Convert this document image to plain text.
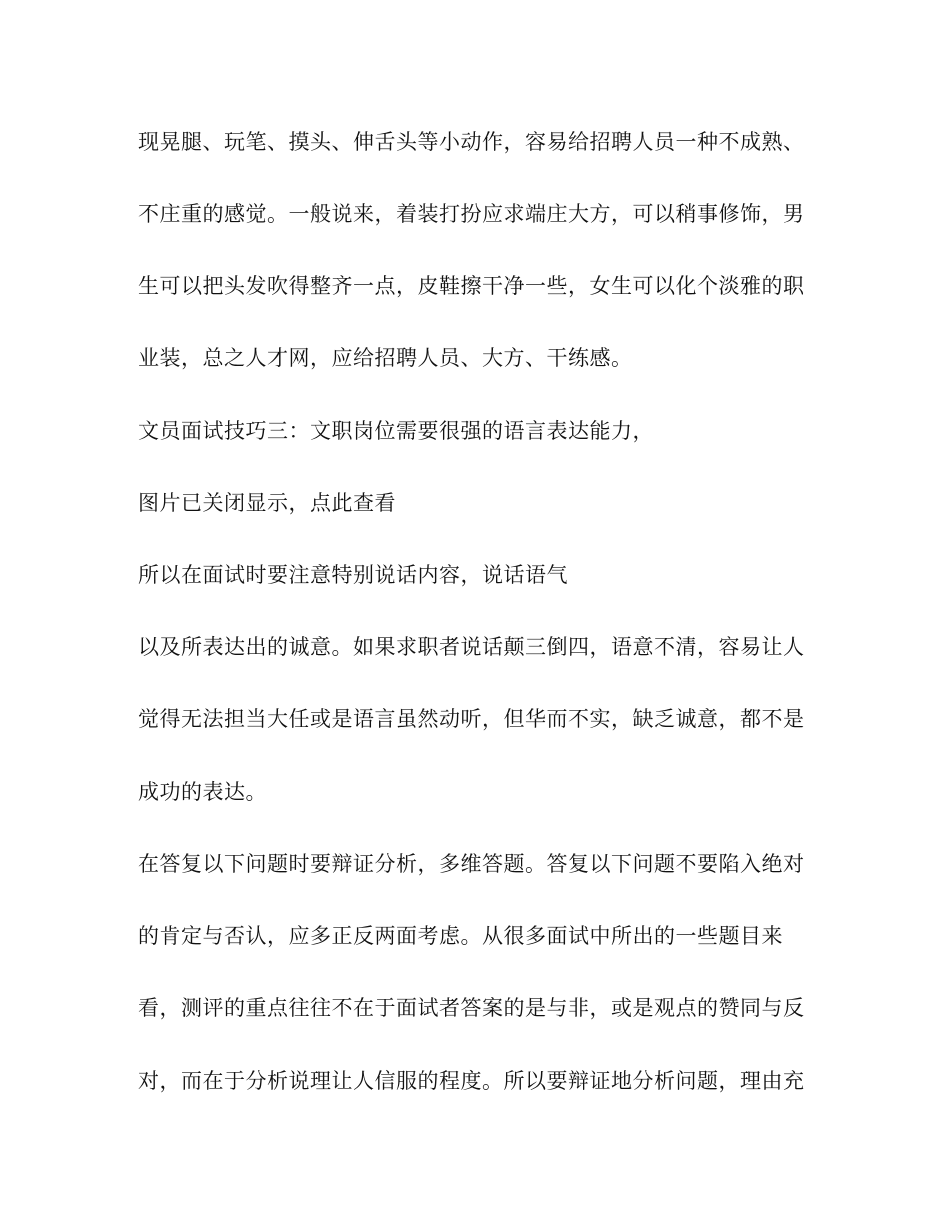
现晃腿、玩笔、摸头、伸舌头等小动作，容易给招聘人员一种不成熟、
不庄重的感觉。一般说来，着装打扮应求端庄大方，可以稍事修饰，男
生可以把头发吹得整齐一点，皮鞋擦干净一些，女生可以化个淡雅的职
业装，总之人才网，应给招聘人员、大方、干练感。
文员面试技巧三：文职岗位需要很强的语言表达能力，
图片已关闭显示，点此查看
所以在面试时要注意特别说话内容，说话语气
以及所表达出的诚意。如果求职者说话颠三倒四，语意不清，容易让人
觉得无法担当大任或是语言虽然动听，但华而不实，缺乏诚意，都不是
成功的表达。
在答复以下问题时要辩证分析，多维答题。答复以下问题不要陷入绝对
的肯定与否认，应多正反两面考虑。从很多面试中所出的一些题目来
看，测评的重点往往不在于面试者答案的是与非，或是观点的赞同与反
对，而在于分析说理让人信服的程度。所以要辩证地分析问题，理由充
